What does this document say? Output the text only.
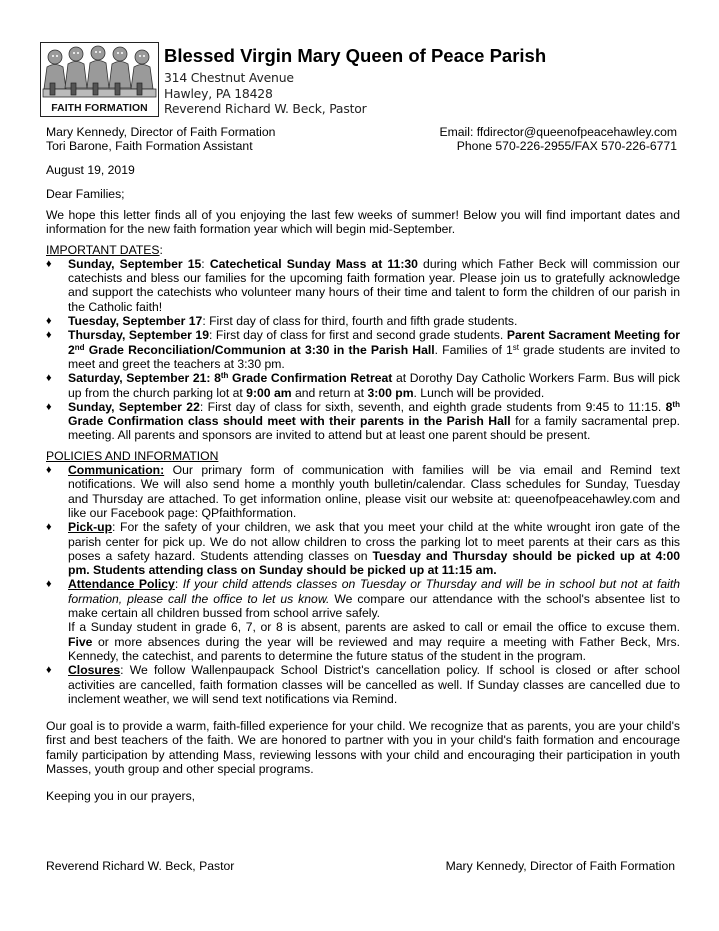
FAITH FORMATION
Blessed Virgin Mary Queen of Peace Parish
314 Chestnut Avenue
Hawley, PA 18428
Reverend Richard W. Beck, Pastor
Mary Kennedy, Director of Faith Formation
Tori Barone, Faith Formation Assistant
Email: ffdirector@queenofpeacehawley.com
Phone 570-226-2955/FAX 570-226-6771
August 19, 2019
Dear Families;

We hope this letter finds all of you enjoying the last few weeks of summer! Below you will find important dates and information for the new faith formation year which will begin mid-September.

IMPORTANT DATES:

♦ Sunday, September 15: Catechetical Sunday Mass at 11:30 during which Father Beck will commission our catechists and bless our families for the upcoming faith formation year. Please join us to gratefully acknowledge and support the catechists who volunteer many hours of their time and talent to form the children of our parish in the Catholic faith!
♦ Tuesday, September 17: First day of class for third, fourth and fifth grade students.
♦ Thursday, September 19: First day of class for first and second grade students. Parent Sacrament Meeting for 2nd Grade Reconciliation/Communion at 3:30 in the Parish Hall. Families of 1st grade students are invited to meet and greet the teachers at 3:30 pm.
♦ Saturday, September 21: 8th Grade Confirmation Retreat at Dorothy Day Catholic Workers Farm. Bus will pick up from the church parking lot at 9:00 am and return at 3:00 pm. Lunch will be provided.
♦ Sunday, September 22: First day of class for sixth, seventh, and eighth grade students from 9:45 to 11:15. 8th Grade Confirmation class should meet with their parents in the Parish Hall for a family sacramental prep. meeting. All parents and sponsors are invited to attend but at least one parent should be present.

POLICIES AND INFORMATION

♦ Communication: Our primary form of communication with families will be via email and Remind text notifications. We will also send home a monthly youth bulletin/calendar. Class schedules for Sunday, Tuesday and Thursday are attached. To get information online, please visit our website at: queenofpeacehawley.com and like our Facebook page: QPfaithformation.
♦ Pick-up: For the safety of your children, we ask that you meet your child at the white wrought iron gate of the parish center for pick up. We do not allow children to cross the parking lot to meet parents at their cars as this poses a safety hazard. Students attending classes on Tuesday and Thursday should be picked up at 4:00 pm. Students attending class on Sunday should be picked up at 11:15 am.
♦ Attendance Policy: If your child attends classes on Tuesday or Thursday and will be in school but not at faith formation, please call the office to let us know. We compare our attendance with the school's absentee list to make certain all children bussed from school arrive safely.
If a Sunday student in grade 6, 7, or 8 is absent, parents are asked to call or email the office to excuse them. Five or more absences during the year will be reviewed and may require a meeting with Father Beck, Mrs. Kennedy, the catechist, and parents to determine the future status of the student in the program.
♦ Closures: We follow Wallenpaupack School District's cancellation policy. If school is closed or after school activities are cancelled, faith formation classes will be cancelled as well. If Sunday classes are cancelled due to inclement weather, we will send text notifications via Remind.

Our goal is to provide a warm, faith-filled experience for your child. We recognize that as parents, you are your child's first and best teachers of the faith. We are honored to partner with you in your child's faith formation and encourage family participation by attending Mass, reviewing lessons with your child and encouraging their participation in youth Masses, youth group and other special programs.

Keeping you in our prayers,

Reverend Richard W. Beck, Pastor	Mary Kennedy, Director of Faith Formation
